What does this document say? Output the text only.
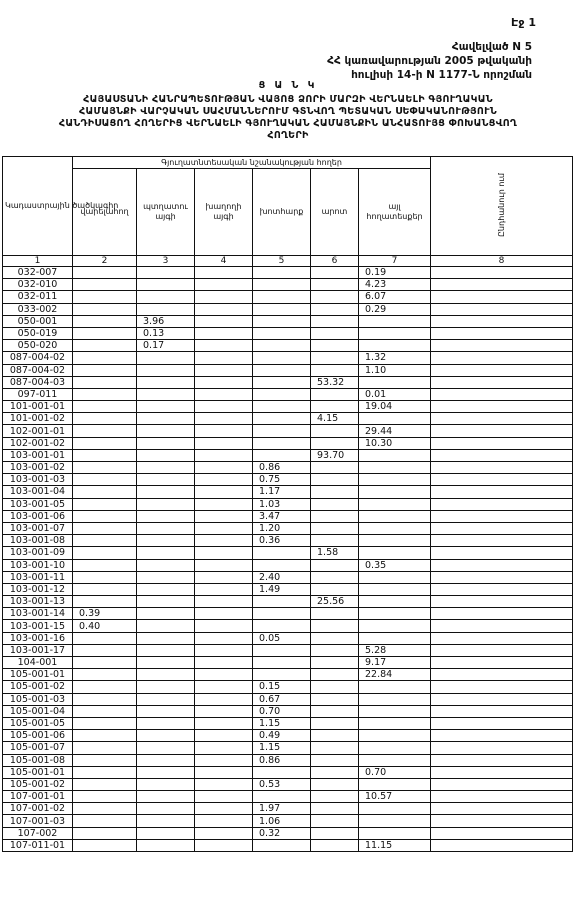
Էջ 1
Հավելված N 5
ՀՀ կառավարության 2005 թվականի
հուլիսի 14-ի N 1177-Ն որոշման
Ց Ա Ն Կ
ՀԱՅԱՍՏԱՆԻ ՀԱՆՐԱՊԵՏՈՒԹՅԱՆ ՎԱՅՈՑ ՁՈՐԻ ՄԱՐԶԻ ՎԵՐՆԱԵԼԻ ԳՅՈՒՂԱԿԱՆ
ՀԱՄԱՅՆՔԻ ՎԱՐՉԱԿԱՆ ՍԱՀՄԱՆՆԵՐՈՒՄ ԳՏՆՎՈՂ ՊԵՏԱԿԱՆ ՍԵՓԱԿԱՆՈՒԹՅՈՒՆ
ՀԱՆԴԻՍԱՑՈՂ ՀՈՂԵՐԻՑ ՎԵՐՆԱԵԼԻ ԳՅՈՒՂԱԿԱՆ ՀԱՄԱՅՆՔԻՆ ԱՆՀԱՏՈՒՅՑ ՓՈԽԱՆՑՎՈՂ
ՀՈՂԵՐԻ
Կադաստրային ծածկագիր	Գյուղատնտեսական նշանակության հողեր						Ընդհանուր ում
	վարելահող	պտղատու այգի	խաղողի այգի	խոտհարք	արոտ	այլ հողատեսքեր	
1	2	3	4	5	6	7	8
032-007						0.19	
032-010						4.23	
032-011						6.07	
033-002						0.29	
050-001		3.96					
050-019		0.13					
050-020		0.17					
087-004-02						1.32	
087-004-02						1.10	
087-004-03					53.32		
097-011						0.01	
101-001-01						19.04	
101-001-02					4.15		
102-001-01						29.44	
102-001-02						10.30	
103-001-01					93.70		
103-001-02				0.86			
103-001-03				0.75			
103-001-04				1.17			
103-001-05				1.03			
103-001-06				3.47			
103-001-07				1.20			
103-001-08				0.36			
103-001-09					1.58		
103-001-10						0.35	
103-001-11				2.40			
103-001-12				1.49			
103-001-13					25.56		
103-001-14	0.39						
103-001-15	0.40						
103-001-16				0.05			
103-001-17						5.28	
104-001						9.17	
105-001-01						22.84	
105-001-02				0.15			
105-001-03				0.67			
105-001-04				0.70			
105-001-05				1.15			
105-001-06				0.49			
105-001-07				1.15			
105-001-08				0.86			
105-001-01						0.70	
105-001-02				0.53			
107-001-01						10.57	
107-001-02				1.97			
107-001-03				1.06			
107-002				0.32			
107-011-01						11.15	
